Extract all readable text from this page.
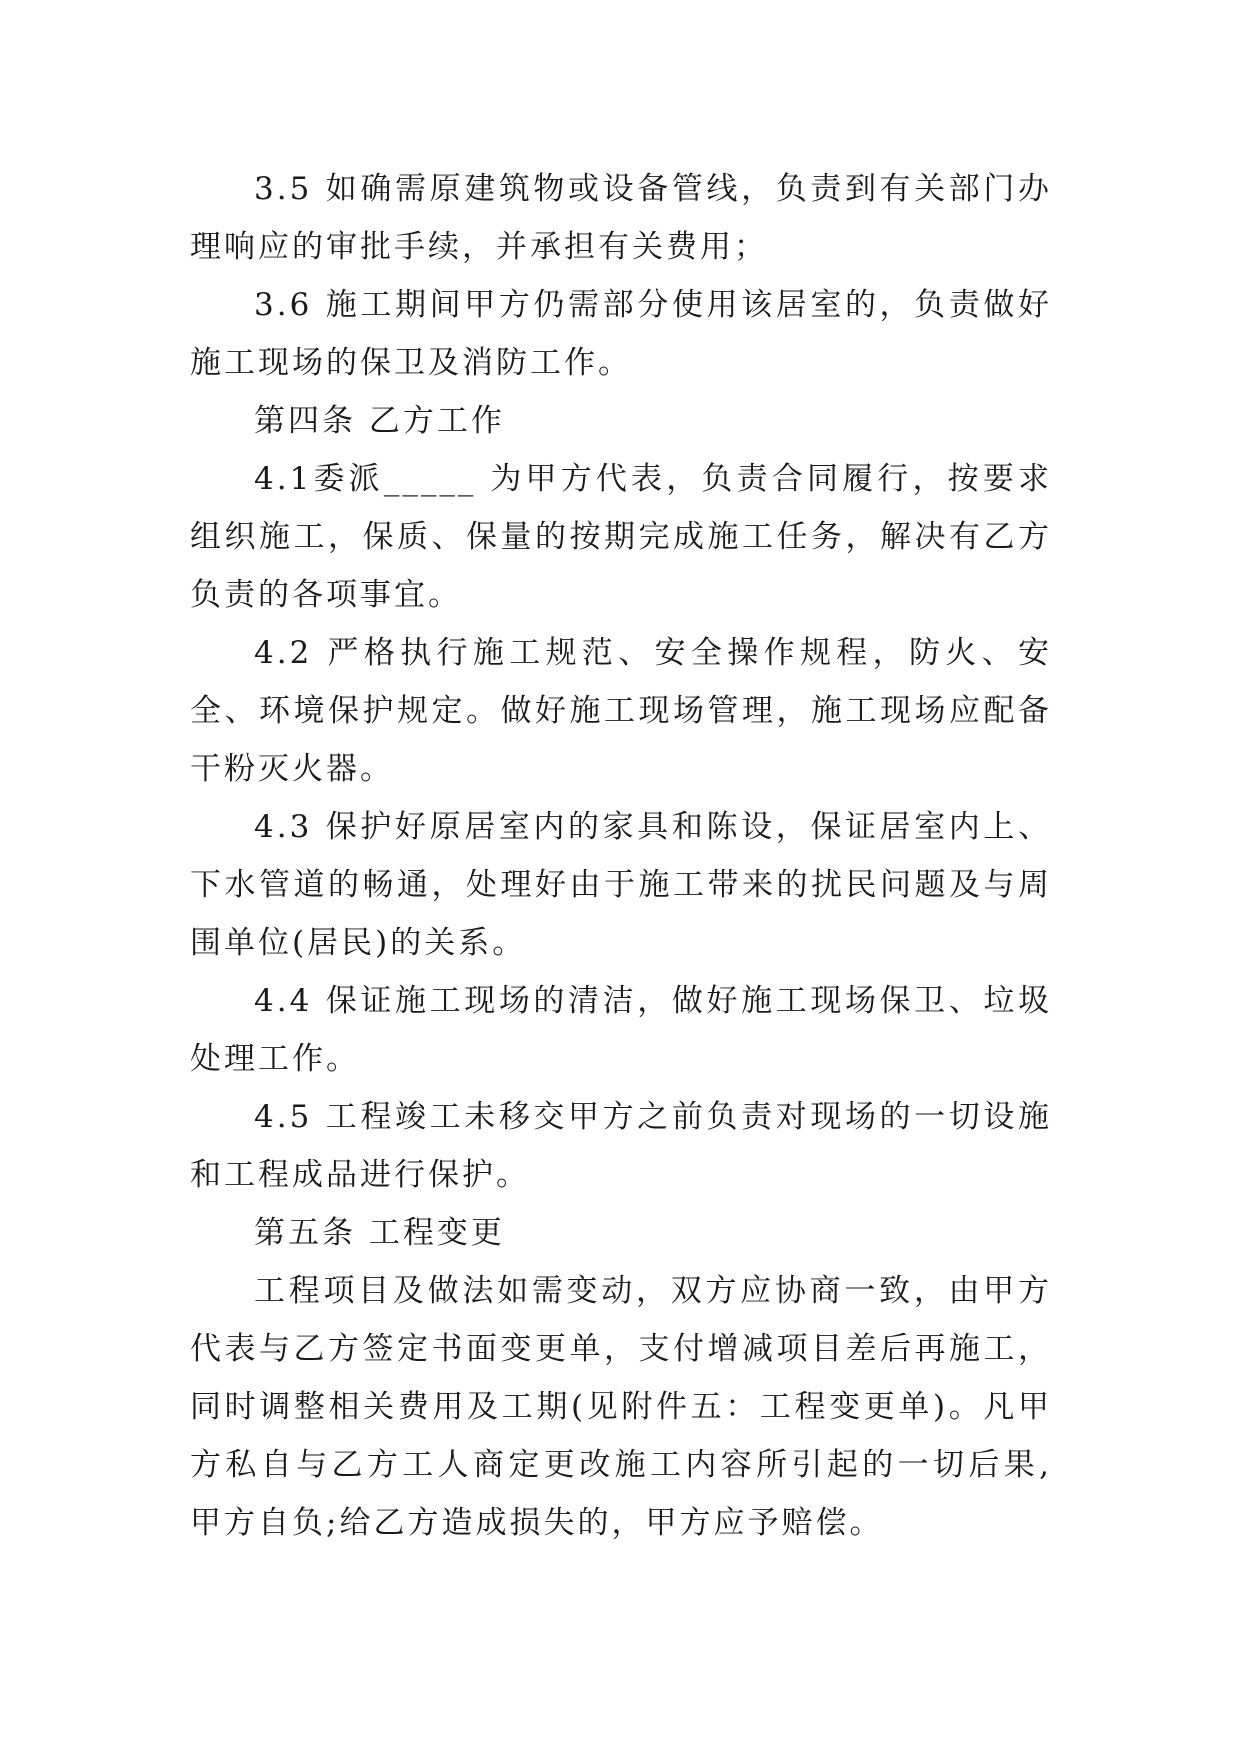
3.5 如确需原建筑物或设备管线，负责到有关部门办理响应的审批手续，并承担有关费用；

3.6 施工期间甲方仍需部分使用该居室的，负责做好施工现场的保卫及消防工作。

第四条 乙方工作

4.1委派_____ 为甲方代表，负责合同履行，按要求组织施工，保质、保量的按期完成施工任务，解决有乙方负责的各项事宜。

4.2 严格执行施工规范、安全操作规程，防火、安全、环境保护规定。做好施工现场管理，施工现场应配备干粉灭火器。

4.3 保护好原居室内的家具和陈设，保证居室内上、下水管道的畅通，处理好由于施工带来的扰民问题及与周围单位(居民)的关系。

4.4 保证施工现场的清洁，做好施工现场保卫、垃圾处理工作。

4.5 工程竣工未移交甲方之前负责对现场的一切设施和工程成品进行保护。

第五条 工程变更

工程项目及做法如需变动，双方应协商一致，由甲方代表与乙方签定书面变更单，支付增减项目差后再施工，同时调整相关费用及工期(见附件五：工程变更单)。凡甲方私自与乙方工人商定更改施工内容所引起的一切后果,甲方自负;给乙方造成损失的，甲方应予赔偿。
